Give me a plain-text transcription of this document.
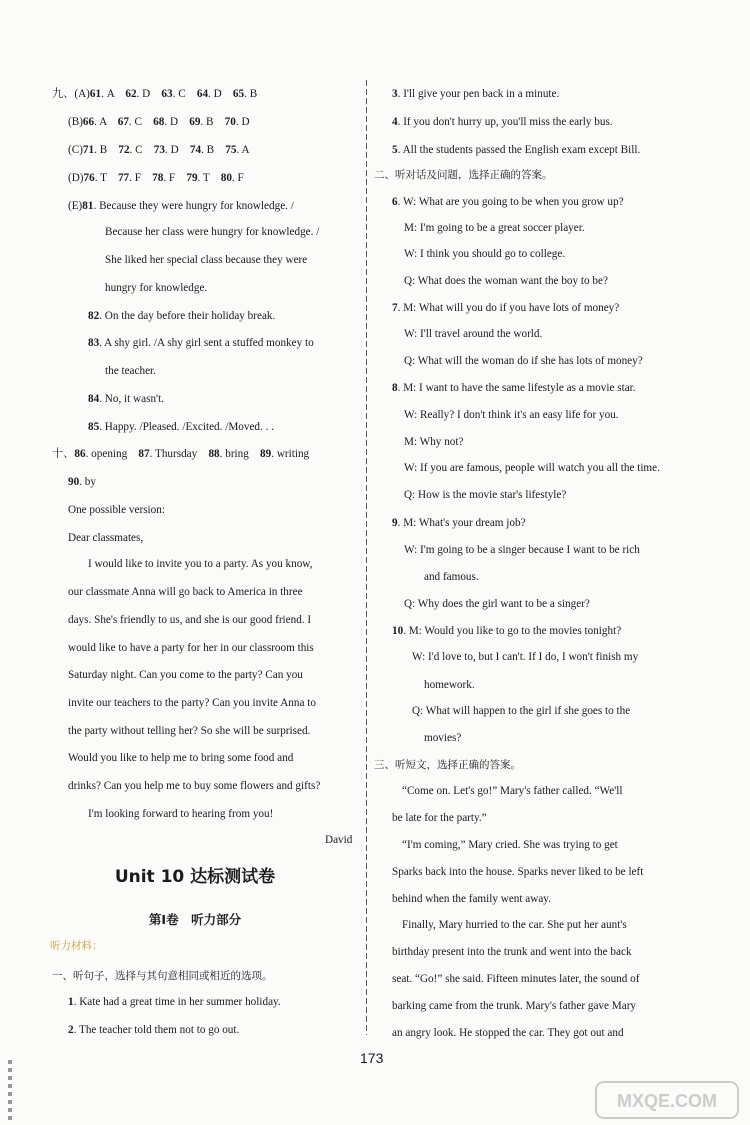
九、(A)61. A　62. D　63. C　64. D　65. B
(B)66. A　67. C　68. D　69. B　70. D
(C)71. B　72. C　73. D　74. B　75. A
(D)76. T　77. F　78. F　79. T　80. F
(E)81. Because they were hungry for knowledge. /
Because her class were hungry for knowledge. /
She liked her special class because they were
hungry for knowledge.
82. On the day before their holiday break.
83. A shy girl. /A shy girl sent a stuffed monkey to
the teacher.
84. No, it wasn't.
85. Happy. /Pleased. /Excited. /Moved. . .
十、86. opening　87. Thursday　88. bring　89. writing
90. by
One possible version:
Dear classmates,
I would like to invite you to a party. As you know,
our classmate Anna will go back to America in three
days. She's friendly to us, and she is our good friend. I
would like to have a party for her in our classroom this
Saturday night. Can you come to the party? Can you
invite our teachers to the party? Can you invite Anna to
the party without telling her? So she will be surprised.
Would you like to help me to bring some food and
drinks? Can you help me to buy some flowers and gifts?
I'm looking forward to hearing from you!
David
1. Kate had a great time in her summer holiday.
2. The teacher told them not to go out.
一、听句子，选择与其句意相同或相近的选项。
3. I'll give your pen back in a minute.
4. If you don't hurry up, you'll miss the early bus.
5. All the students passed the English exam except Bill.
6. W: What are you going to be when you grow up?
M: I'm going to be a great soccer player.
W: I think you should go to college.
Q: What does the woman want the boy to be?
7. M: What will you do if you have lots of money?
W: I'll travel around the world.
Q: What will the woman do if she has lots of money?
8. M: I want to have the same lifestyle as a movie star.
W: Really? I don't think it's an easy life for you.
M: Why not?
W: If you are famous, people will watch you all the time.
Q: How is the movie star's lifestyle?
9. M: What's your dream job?
W: I'm going to be a singer because I want to be rich
and famous.
Q: Why does the girl want to be a singer?
10. M: Would you like to go to the movies tonight?
W: I'd love to, but I can't. If I do, I won't finish my
homework.
Q: What will happen to the girl if she goes to the
movies?
“Come on. Let's go!” Mary's father called. “We'll
be late for the party.”
“I'm coming,” Mary cried. She was trying to get
Sparks back into the house. Sparks never liked to be left
behind when the family went away.
Finally, Mary hurried to the car. She put her aunt's
birthday present into the trunk and went into the back
seat. “Go!” she said. Fifteen minutes later, the sound of
barking came from the trunk. Mary's father gave Mary
an angry look. He stopped the car. They got out and
二、听对话及问题，选择正确的答案。
三、听短文，选择正确的答案。
Unit 10 达标测试卷
第Ⅰ卷　听力部分
听力材料：
173
MXQE.COM
